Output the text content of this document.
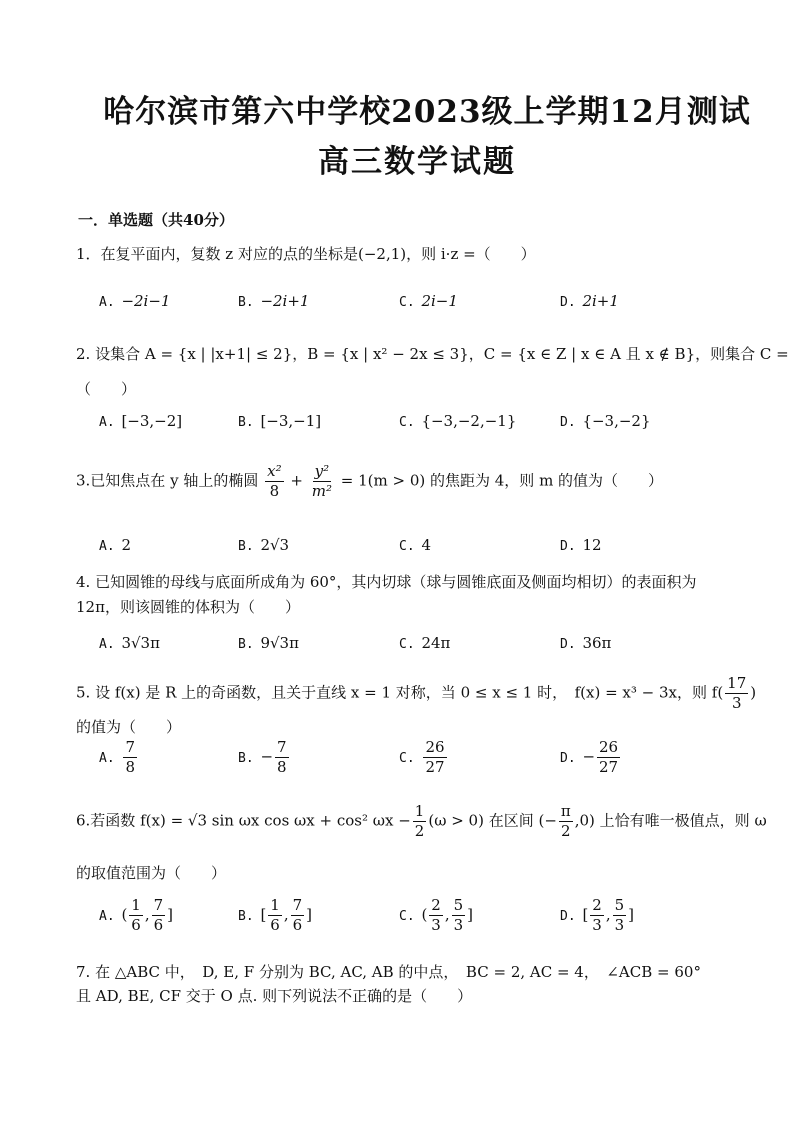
哈尔滨市第六中学校2023级上学期12月测试
高三数学试题
一．单选题（共40分）
1．在复平面内，复数 z 对应的点的坐标是(−2,1)，则 i·z =（　　）
A. −2i−1	B. −2i+1	C. 2i−1	D. 2i+1
2. 设集合 A = {x | |x+1| ≤ 2}，B = {x | x² − 2x ≤ 3}，C = {x ∈ Z | x ∈ A 且 x ∉ B}，则集合 C =
（　　）
A. [−3,−2]	B. [−3,−1]	C. {−3,−2,−1}	D. {−3,−2}
3.已知焦点在 y 轴上的椭圆 $\frac{\text{x²}}{8} + \frac{\text{y²}}{\text{m²}} = 1(m > 0)$ 的焦距为 4，则 m 的值为（　　）
A. 2	B. 2√3	C. 4	D. 12
4. 已知圆锥的母线与底面所成角为 60°，其内切球（球与圆锥底面及侧面均相切）的表面积为
12π，则该圆锥的体积为（　　）
A. 3√3π	B. 9√3π	C. 24π	D. 36π
5. 设 f(x) 是 R 上的奇函数，且关于直线 x = 1 对称，当 0 ≤ x ≤ 1 时，　f(x) = x³ − 3x，则 $f( \frac{17}{3}$ )
的值为（　　）
A. $\frac{7}{8}$	B. − $\frac{7}{8}$	C. $\frac{26}{27}$	D. − $\frac{26}{27}$
6.若函数 f(x) = √3 sin ωx cos ωx + cos² $\omega x - \frac{1}{2} (\omega > 0)$ 在区间 (− $\frac{\pi}{2} ,0$) 上恰有唯一极值点，则 ω
的取值范围为（　　）
A. ( $\frac{1}{6}$ , $\frac{7}{6}$ ]	B. [ $\frac{1}{6}$ , $\frac{7}{6}$ ]	C. ( $\frac{2}{3}$ , $\frac{5}{3}$ ]	D. [ $\frac{2}{3}$ , $\frac{5}{3}$ ]
7. 在 △ABC 中，　D, E, F 分别为 BC, AC, AB 的中点，　BC = 2, AC = 4，　∠ACB = 60°
且 AD, BE, CF 交于 O 点. 则下列说法不正确的是（　　）
